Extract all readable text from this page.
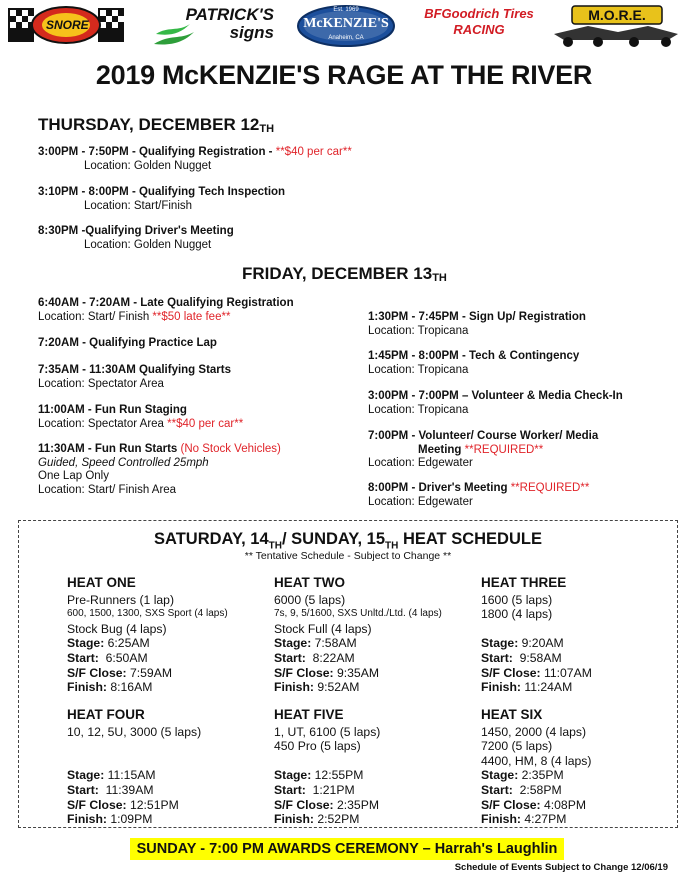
SNORE
PATRICK'S signs
Est. 1969
McKENZIE'S
Anaheim, CA
BFGoodrich Tires RACING
M.O.R.E.
2019 McKENZIE'S RAGE AT THE RIVER
THURSDAY, DECEMBER $12_{TH}$
3:00PM - 7:50PM - Qualifying Registration - **$40 per car**
Location: Golden Nugget
3:10PM - 8:00PM - Qualifying Tech Inspection
Location: Start/Finish
8:30PM -Qualifying Driver's Meeting
Location: Golden Nugget
FRIDAY, DECEMBER $13_{TH}$
6:40AM - 7:20AM - Late Qualifying Registration
Location: Start/ Finish **$50 late fee**
7:20AM - Qualifying Practice Lap
7:35AM - 11:30AM Qualifying Starts
Location: Spectator Area
11:00AM - Fun Run Staging
Location: Spectator Area **$40 per car**
11:30AM - Fun Run Starts (No Stock Vehicles)
Guided, Speed Controlled 25mph
One Lap Only
Location: Start/ Finish Area
1:30PM - 7:45PM - Sign Up/ Registration
Location: Tropicana
1:45PM - 8:00PM - Tech & Contingency
Location: Tropicana
3:00PM - 7:00PM – Volunteer & Media Check-In
Location: Tropicana
7:00PM - Volunteer/ Course Worker/ Media
Meeting **REQUIRED**
Location: Edgewater
8:00PM - Driver's Meeting **REQUIRED**
Location: Edgewater
SATURDAY, $14_{TH}/$ SUNDAY, $15_{TH}$ HEAT SCHEDULE
** Tentative Schedule - Subject to Change **
HEAT ONE
Pre-Runners (1 lap)
600, 1500, 1300, SXS Sport (4 laps)
Stock Bug (4 laps)
Stage: 6:25AM
Start: 6:50AM
S/F Close: 7:59AM
Finish: 8:16AM
HEAT TWO
6000 (5 laps)
7s, 9, 5/1600, SXS Unltd./Ltd. (4 laps)
Stock Full (4 laps)
Stage: 7:58AM
Start: 8:22AM
S/F Close: 9:35AM
Finish: 9:52AM
HEAT THREE
1600 (5 laps)
1800 (4 laps)
Stage: 9:20AM
Start: 9:58AM
S/F Close: 11:07AM
Finish: 11:24AM
HEAT FOUR
10, 12, 5U, 3000 (5 laps)
Stage: 11:15AM
Start: 11:39AM
S/F Close: 12:51PM
Finish: 1:09PM
HEAT FIVE
1, UT, 6100 (5 laps)
450 Pro (5 laps)
Stage: 12:55PM
Start: 1:21PM
S/F Close: 2:35PM
Finish: 2:52PM
HEAT SIX
1450, 2000 (4 laps)
7200 (5 laps)
4400, HM, 8 (4 laps)
Stage: 2:35PM
Start: 2:58PM
S/F Close: 4:08PM
Finish: 4:27PM
SUNDAY - 7:00 PM AWARDS CEREMONY – Harrah's Laughlin
Schedule of Events Subject to Change 12/06/19
